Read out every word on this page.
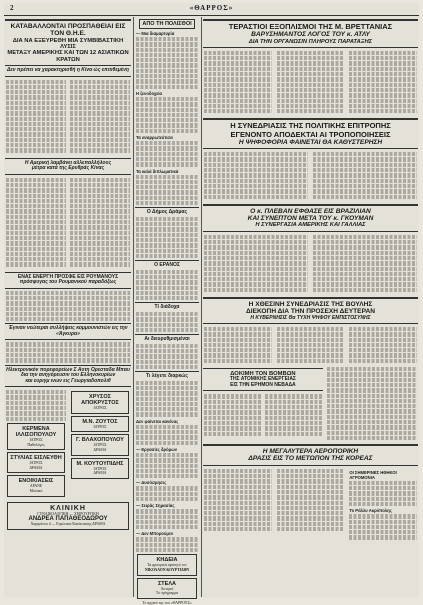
2	«ΘΑΡΡΟΣ»
ΚΑΤΑΒΑΛΛΟΝΤΑΙ ΠΡΟΣΠΑΘΕΙΑΙ ΕΙΣ ΤΟΝ Θ.Η.Ε.
ΔΙΑ ΝΑ ΕΞΕΥΡΕΘΗ ΜΙΑ ΣΥΜΒΙΒΑΣΤΙΚΗ ΛΥΣΙΣ
ΜΕΤΑΞΥ ΑΜΕΡΙΚΗΣ ΚΑΙ ΤΩΝ 12 ΑΣΙΑΤΙΚΩΝ ΚΡΑΤΩΝ
Δεν πρέπει να χαρακτηρισθή η Κίνα ώς επιτιθεμένη
Η Αμερική λαμβάνει αλλεπαλλήλους
μέτρα κατά της Ερυθράς Κίνας
ΕΝΑΣ ΕΝΕΡΓΗ ΠΡΟΣΦΕ ΕΙΣ ΡΟΥΜΑΝΟΥΣ
πρόσφυγας του Ρουμανικού παραδόξως
Έγιναν νεώτεραι συλλήψεις κομμουνιστών εις την «Άγκυρα»
Ηλεκτρονικόν πορεφορείων Σ Αυτη Ορεσταδα Μπαυ
δια την ανηγόρευσιν του Ελληνοκυρίων
και ευριγμ ινων εις Γεωργιαδοπολιθ
ΚΕΡΜΕΝΑ ΙΛΛΙΣΟΠΟΥΛΟΥ
ΙΑΤΡΟΣ
Παθολόγος
ΣΤΥΛΙΑΣ ΕΙΣΛΕΥΘΗ
ΙΑΤΡΟΣ
ΔΡΑΜΑ
ΕΝΟΙΚΙΑΣΕΙΣ
ΑΡΑΝΕ
Μονακό
ΧΡΥΣΟΣ ΑΠΟΚΡΥΣΤΟΣ
ΙΑΤΡΟΣ
Μ.Ν. ΖΟΥΤΟΣ
ΙΑΤΡΟΣ
Γ. ΒΛΑΧΟΠΟΥΛΟΥ
ΙΑΤΡΟΣ
ΔΡΑΜΑ
Μ. ΚΟΥΤΟΥΠΙΔΗΣ
ΙΑΤΡΟΣ
ΔΡΑΜΑ
ΚΛΙΝΙΚΗ
ΓΥΝΑΙΚΟΛΟΓΙΚΗ — ΧΕΙΡΟΥΡΓΙΚΗ
ΑΝΔΡΕΑ ΠΑΠΑΘΕΟΔΩΡΟΥ
Χαριμάνου 4 — Ευρώπεια Κατάστασης ΔΡΑΜΑ
ΑΠΟ ΤΗ ΠΟΛΙΣΘΟΙ
— Μια διαμαρτυρία
Η ξενοδοχεία
Τα αναρρωτεύτισα
Τα καλά διπλωματικά
Ο Δήμος Δράμας
Ο ΕΡΑΝΟΣ
Τί διάδοχα
Αι διευρυθμισμέναι
Τι λέγετε διαρκώς
Δεν φαίνεται κανένας
— Εργασίες δρόμων
— Δυσόσμησις
— Σειράς Σημασίας
— Δεν Μπορούμεν
ΚΗΔΕΙΑ
Τα φρουρικά αγαπητό τον
ΝΙΚΟΛΑΟΝ ΚΟΥΡΤΙΔΗΝ
ΣΤΕΛΑ
Αστεροί
Το πρόγραμμα
Το αρχικό της του «ΘΑΡΡΟΥΣ»
ΤΕΡΑΣΤΙΟΙ ΕΞΟΠΛΙΣΜΟΙ ΤΗΣ Μ. ΒΡΕΤΤΑΝΙΑΣ
ΒΑΡΥΣΗΜΑΝΤΟΣ ΛΟΓΟΣ ΤΟΥ κ. ΑΤΛΥ
ΔΙΑ ΤΗΝ ΟΡΓΑΝΩΣΙΝ ΠΛΗΡΟΥΣ ΠΑΡΑΤΑΞΗΣ
Η ΣΥΝΕΔΡΙΑΣΙΣ ΤΗΣ ΠΟΛΙΤΙΚΗΣ ΕΠΙΤΡΟΠΗΣ
ΕΓΕΝΟΝΤΟ ΑΠΟΔΕΚΤΑΙ ΑΙ ΤΡΟΠΟΠΟΙΗΣΕΙΣ
Η ΨΗΦΟΦΟΡΙΑ ΦΑΙΝΕΤΑΙ ΘΑ ΚΑΘΥΣΤΕΡΗΣΗ
Ο κ. ΠΛΕΒΑΝ ΕΦΘΑΣΕ ΕΙΣ ΒΡΑΖΙΛΙΑΝ
ΚΑΙ ΣΥΝΕΠΤΟΝ ΜΕΤΑ ΤΟΥ κ. ΓΚΟΥΜΑΝ
Η ΣΥΝΕΡΓΑΣΙΑ ΑΜΕΡΙΚΗΣ ΚΑΙ ΓΑΛΛΙΑΣ
Η ΧΘΕΣΙΝΗ ΣΥΝΕΔΡΙΑΣΙΣ ΤΗΣ ΒΟΥΛΗΣ
ΔΙΕΚΟΠΗ ΔΙΑ ΤΗΝ ΠΡΟΣΕΧΗ ΔΕΥΤΕΡΑΝ
Η ΚΥΒΕΡΝΗΣΙΣ Θα ΤΥΧΗ ΨΗΦΟΥ ΕΜΠΙΣΤΟΣΥΝΗΣ
ΔΟΚΙΜΗ ΤΟΝ ΒΟΜΒΩΝ
ΤΗΣ ΑΤΟΜΙΚΗΣ ΕΝΕΡΓΕΙΑΣ
ΕΙΣ ΤΗΝ ΕΡΗΜΟΝ ΝΕΒΑΔΑ
Η ΜΕΓΑΛΥΤΕΡΑ ΑΕΡΟΠΟΡΙΚΗ
ΔΡΑΣΙΣ ΕΙΣ ΤΟ ΜΕΤΩΠΟΝ ΤΗΣ ΚΟΡΕΑΣ
ΟΙ ΣΗΜΕΡΙΝΕΣ ΗΘΗΚΟΙ ΑΓΡΟΜΟΝΙΑ
Το Ράλλυ Ακρόπολης
